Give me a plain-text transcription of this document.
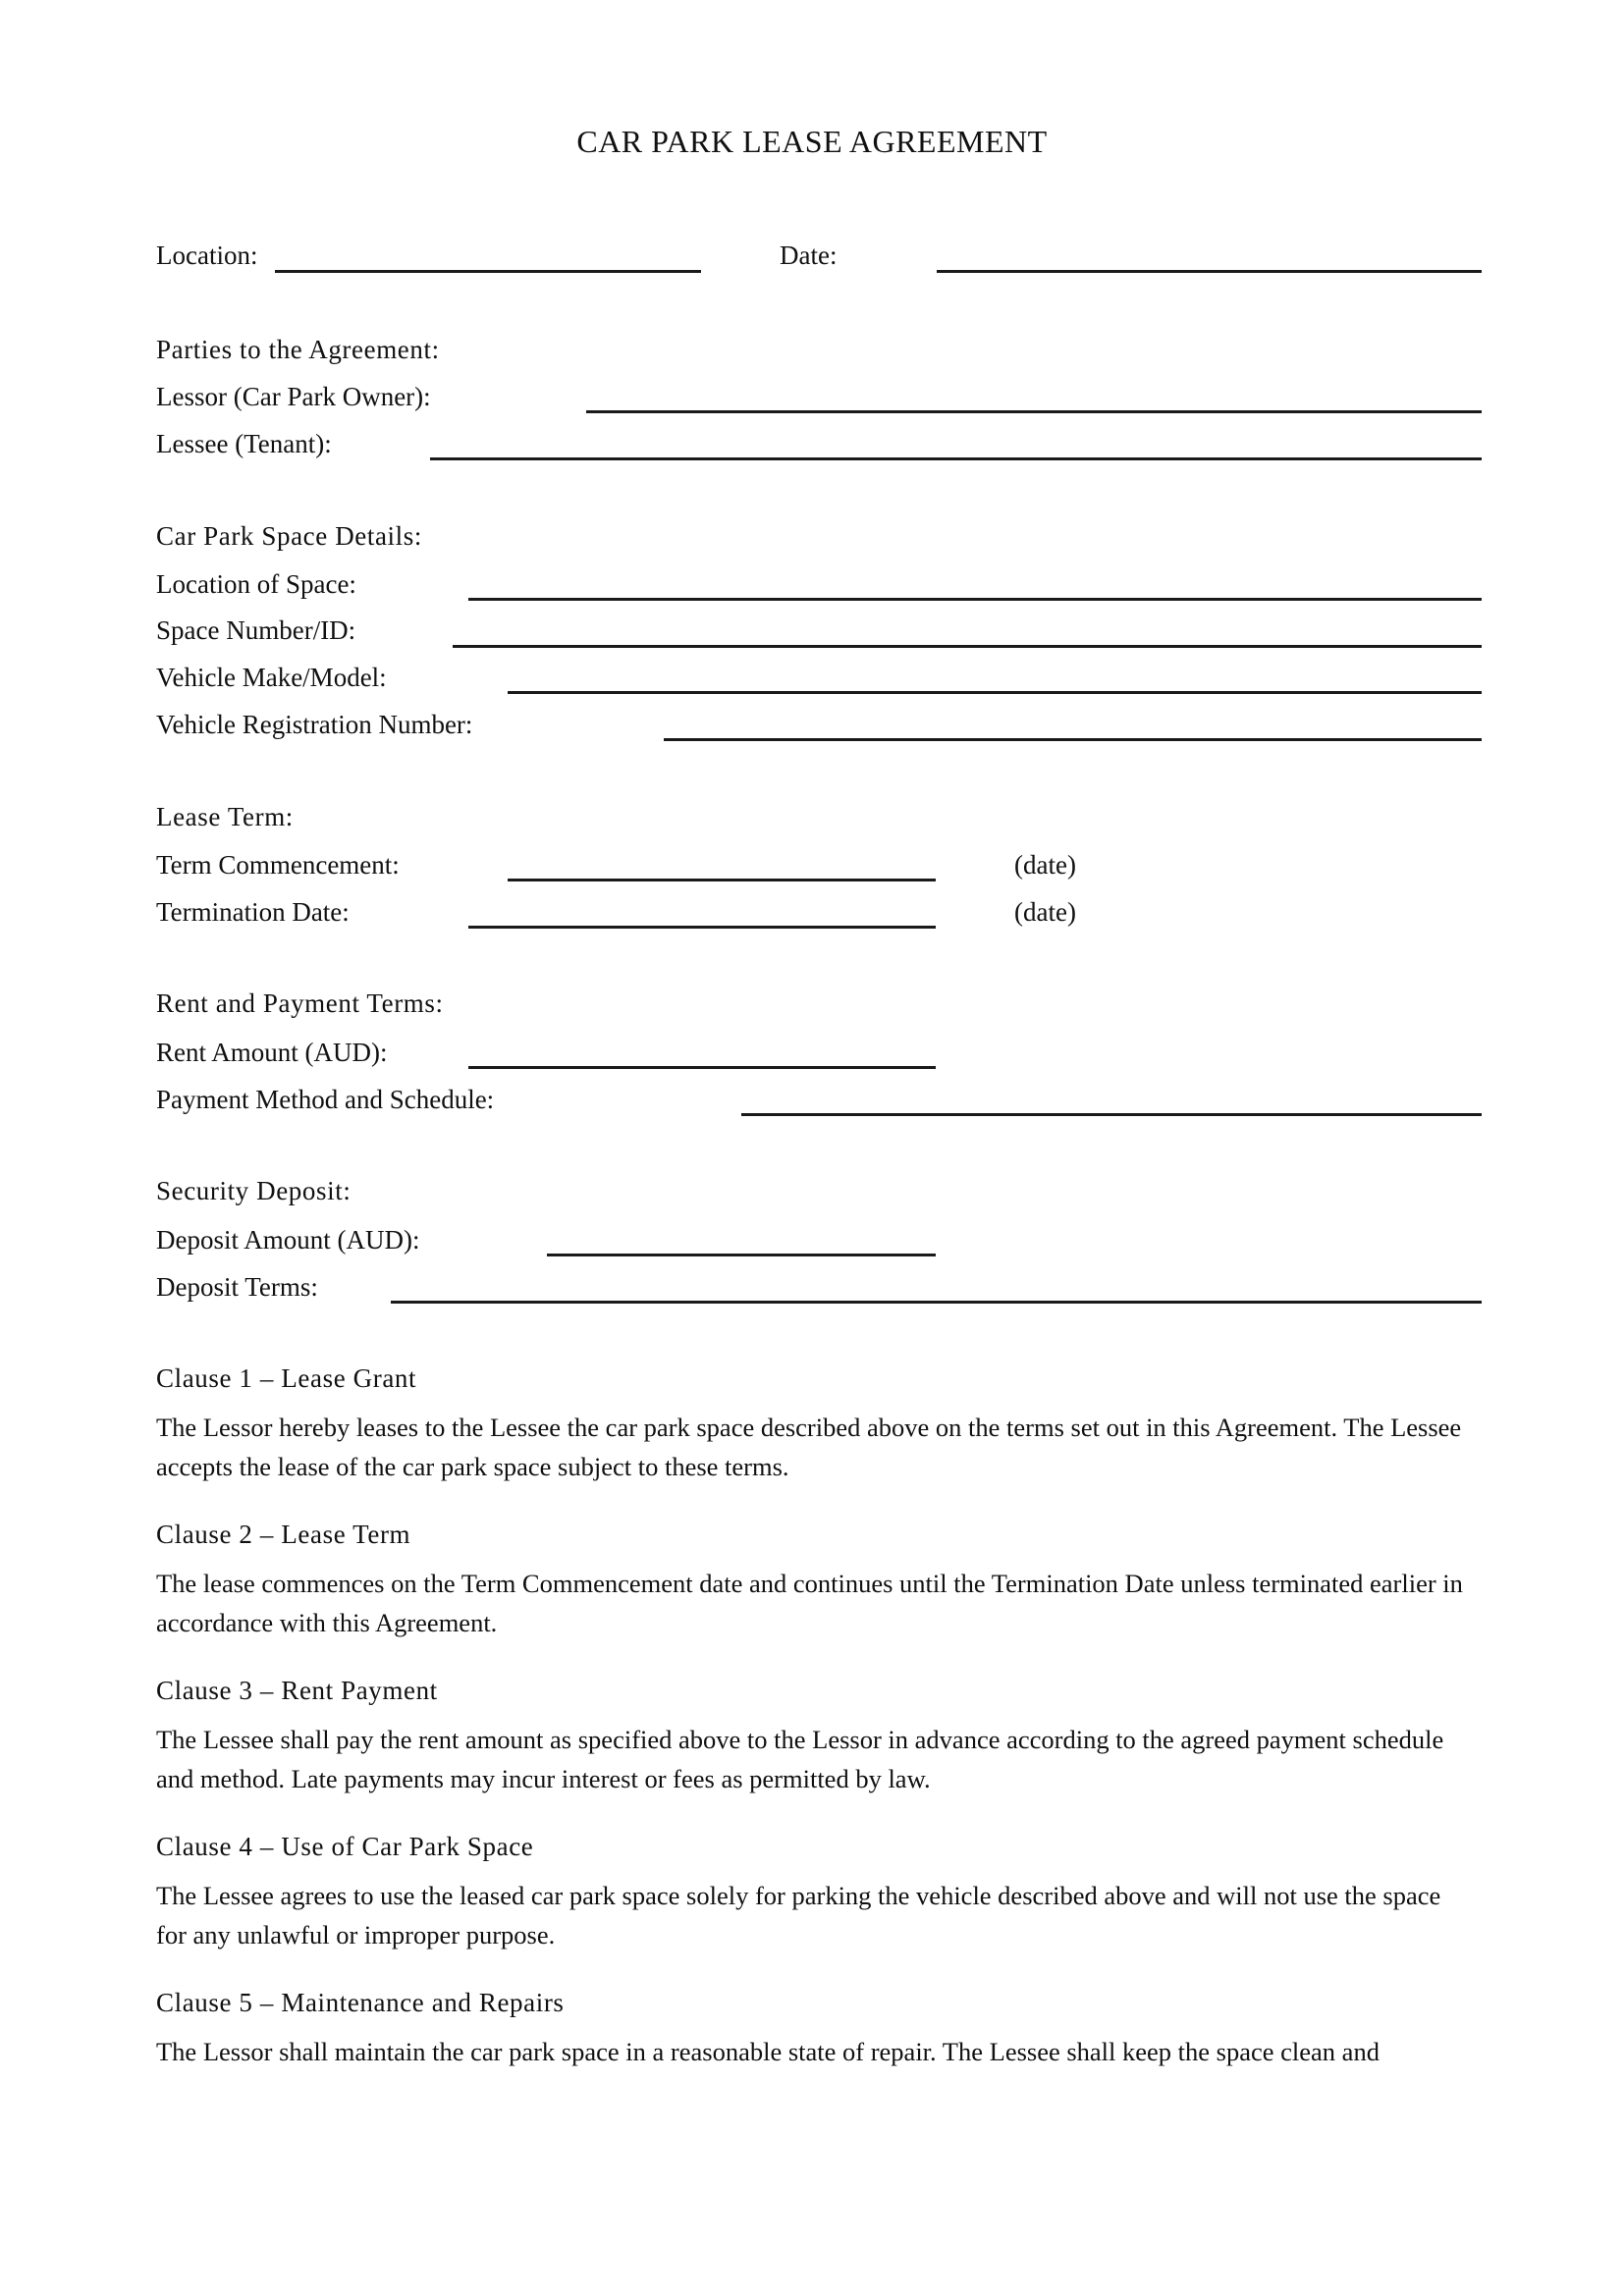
CAR PARK LEASE AGREEMENT
Location:	Date:
Parties to the Agreement:
Lessor (Car Park Owner):
Lessee (Tenant):
Car Park Space Details:
Location of Space:
Space Number/ID:
Vehicle Make/Model:
Vehicle Registration Number:
Lease Term:
Term Commencement:	(date)
Termination Date:	(date)
Rent and Payment Terms:
Rent Amount (AUD):
Payment Method and Schedule:
Security Deposit:
Deposit Amount (AUD):
Deposit Terms:
Clause 1 – Lease Grant
The Lessor hereby leases to the Lessee the car park space described above on the terms set out in this Agreement. The Lessee accepts the lease of the car park space subject to these terms.
Clause 2 – Lease Term
The lease commences on the Term Commencement date and continues until the Termination Date unless terminated earlier in accordance with this Agreement.
Clause 3 – Rent Payment
The Lessee shall pay the rent amount as specified above to the Lessor in advance according to the agreed payment schedule and method. Late payments may incur interest or fees as permitted by law.
Clause 4 – Use of Car Park Space
The Lessee agrees to use the leased car park space solely for parking the vehicle described above and will not use the space for any unlawful or improper purpose.
Clause 5 – Maintenance and Repairs
The Lessor shall maintain the car park space in a reasonable state of repair. The Lessee shall keep the space clean and
